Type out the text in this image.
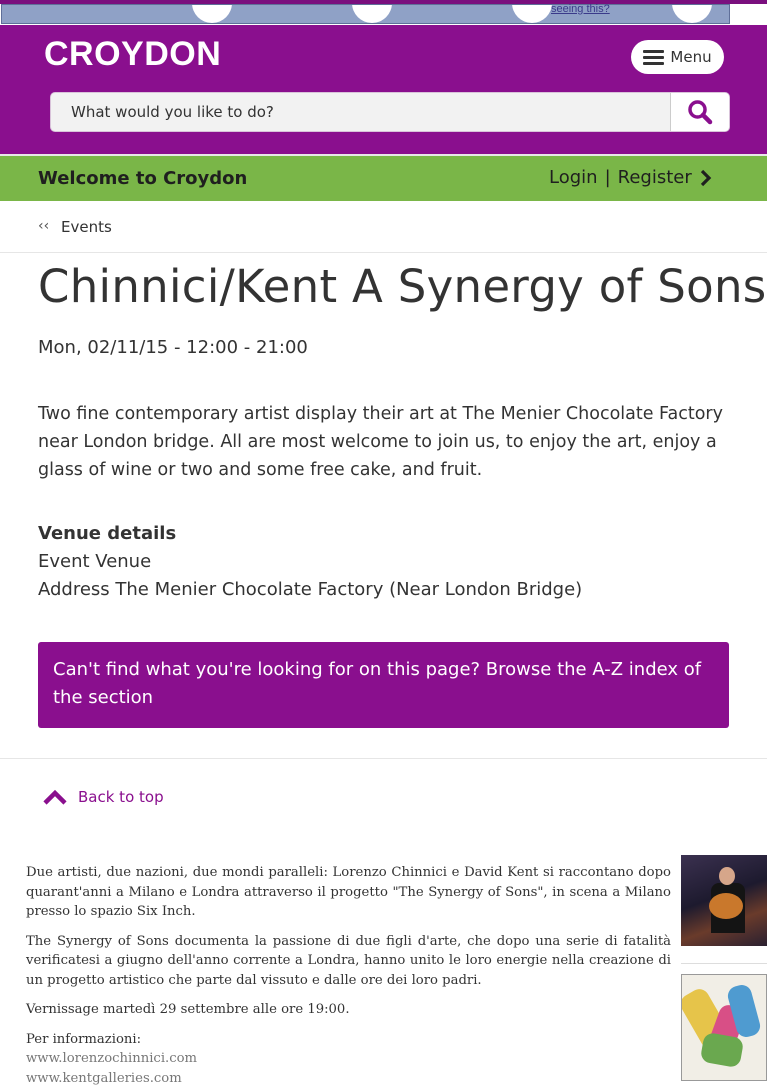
seeing this?
CROYDON	Menu
What would you like to do?
Welcome to Croydon	Login | Register
‹‹ Events
Chinnici/Kent A Synergy of Sons
Mon, 02/11/15 - 12:00 - 21:00
Two fine contemporary artist display their art at The Menier Chocolate Factory near London bridge. All are most welcome to join us, to enjoy the art, enjoy a glass of wine or two and some free cake, and fruit.
Venue details
Event Venue
Address The Menier Chocolate Factory (Near London Bridge)
Can't find what you're looking for on this page? Browse the A-Z index of the section
Back to top

Due artisti, due nazioni, due mondi paralleli: Lorenzo Chinnici e David Kent si raccontano dopo quarant'anni a Milano e Londra attraverso il progetto "The Synergy of Sons", in scena a Milano presso lo spazio Six Inch.

The Synergy of Sons documenta la passione di due figli d'arte, che dopo una serie di fatalità verificatesi a giugno dell'anno corrente a Londra, hanno unito le loro energie nella creazione di un progetto artistico che parte dal vissuto e dalle ore dei loro padri.

Vernissage martedì 29 settembre alle ore 19:00.

Per informazioni:
www.lorenzochinnici.com
www.kentgalleries.com
